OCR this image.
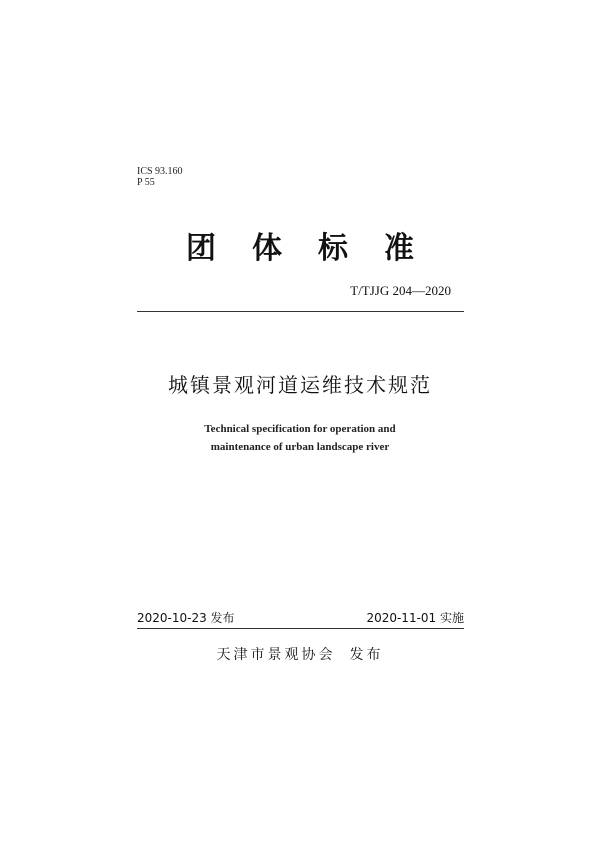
ICS 93.160
P 55
团体标准
T/TJJG 204—2020
城镇景观河道运维技术规范
Technical specification for operation and
maintenance of urban landscape river
2020-10-23 发布	2020-11-01 实施
天津市景观协会 发布
